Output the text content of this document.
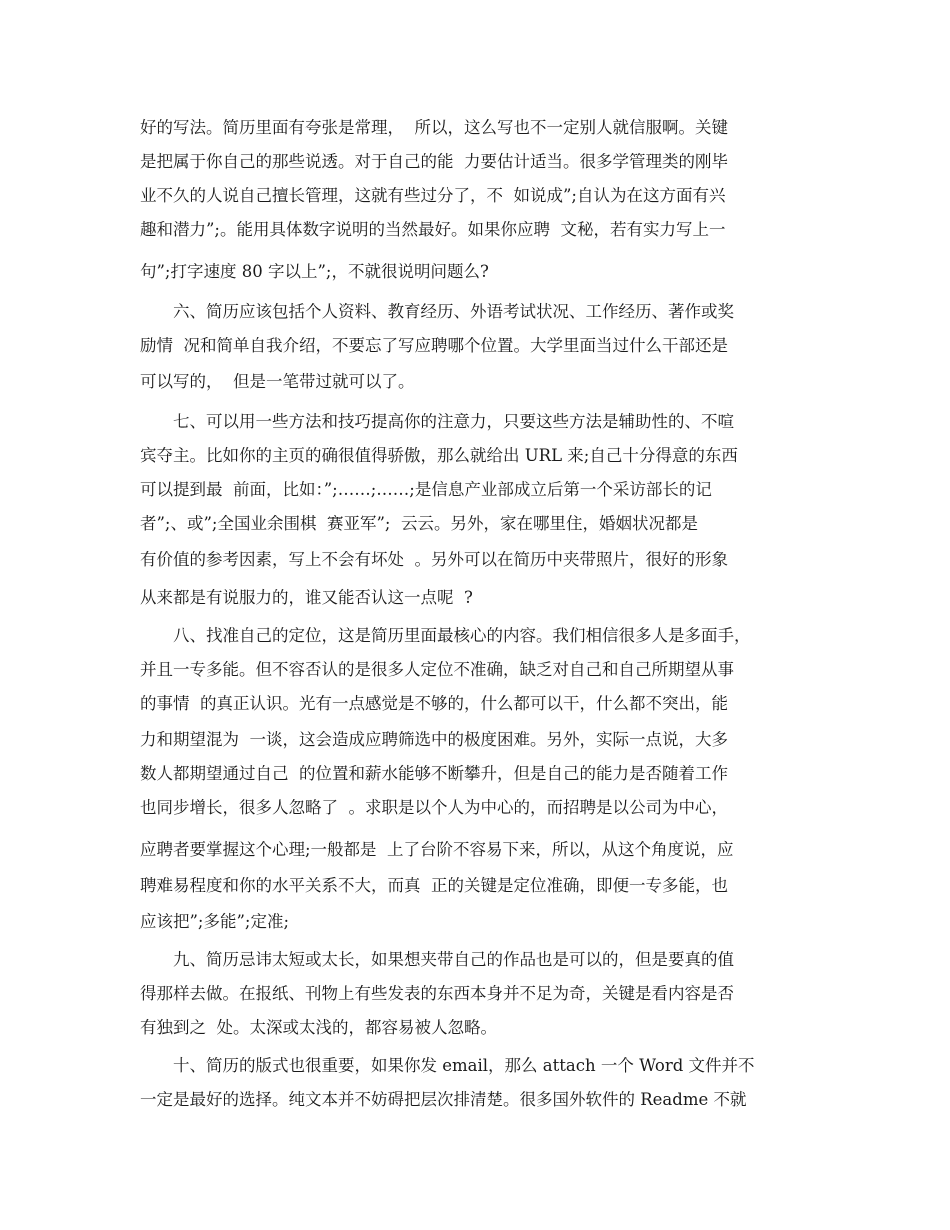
好的写法。简历里面有夸张是常理，  所以，这么写也不一定别人就信服啊。关键
是把属于你自己的那些说透。对于自己的能  力要估计适当。很多学管理类的刚毕
业不久的人说自己擅长管理，这就有些过分了，不  如说成”;自认为在这方面有兴
趣和潜力”;。能用具体数字说明的当然最好。如果你应聘  文秘，若有实力写上一
句”;打字速度 80 字以上”;，不就很说明问题么?
　　六、简历应该包括个人资料、教育经历、外语考试状况、工作经历、著作或奖
励情  况和简单自我介绍，不要忘了写应聘哪个位置。大学里面当过什么干部还是
可以写的，  但是一笔带过就可以了。
　　七、可以用一些方法和技巧提高你的注意力，只要这些方法是辅助性的、不喧
宾夺主。比如你的主页的确很值得骄傲，那么就给出 URL 来;自己十分得意的东西
可以提到最  前面，比如：”;……;……;是信息产业部成立后第一个采访部长的记
者”;、或”;全国业余围棋  赛亚军”;  云云。另外，家在哪里住，婚姻状况都是
有价值的参考因素，写上不会有坏处  。另外可以在简历中夹带照片，很好的形象
从来都是有说服力的，谁又能否认这一点呢  ?
　　八、找准自己的定位，这是简历里面最核心的内容。我们相信很多人是多面手，
并且一专多能。但不容否认的是很多人定位不准确，缺乏对自己和自己所期望从事
的事情  的真正认识。光有一点感觉是不够的，什么都可以干，什么都不突出，能
力和期望混为  一谈，这会造成应聘筛选中的极度困难。另外，实际一点说，大多
数人都期望通过自己  的位置和薪水能够不断攀升，但是自己的能力是否随着工作
也同步增长，很多人忽略了  。求职是以个人为中心的，而招聘是以公司为中心，
应聘者要掌握这个心理;一般都是  上了台阶不容易下来，所以，从这个角度说，应
聘难易程度和你的水平关系不大，而真  正的关键是定位准确，即便一专多能，也
应该把”;多能”;定准;
　　九、简历忌讳太短或太长，如果想夹带自己的作品也是可以的，但是要真的值
得那样去做。在报纸、刊物上有些发表的东西本身并不足为奇，关键是看内容是否
有独到之  处。太深或太浅的，都容易被人忽略。
　　十、简历的版式也很重要，如果你发 email，那么 attach 一个 Word 文件并不
一定是最好的选择。纯文本并不妨碍把层次排清楚。很多国外软件的 Readme 不就
